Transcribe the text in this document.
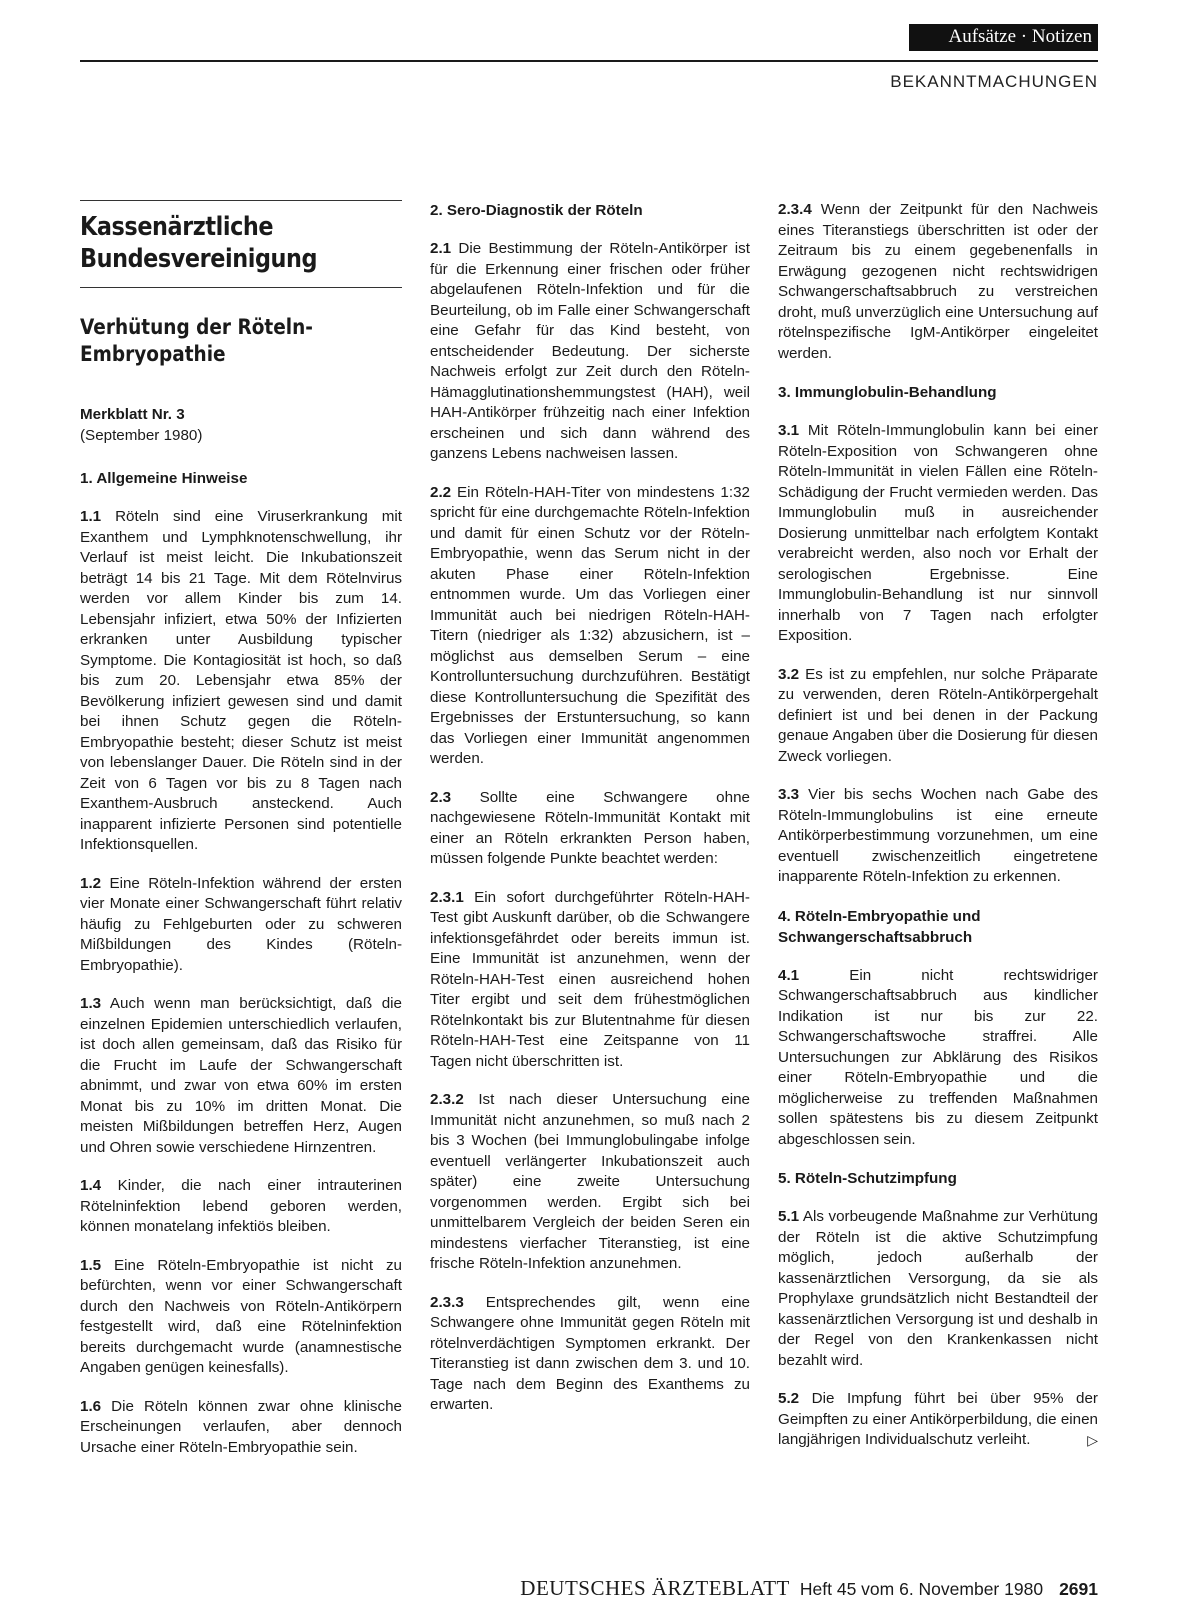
Aufsätze · Notizen
BEKANNTMACHUNGEN
Kassenärztliche Bundesvereinigung
Verhütung der Röteln-Embryopathie
Merkblatt Nr. 3
(September 1980)
1. Allgemeine Hinweise

1.1 Röteln sind eine Viruserkrankung mit Exanthem und Lymphknotenschwellung, ihr Verlauf ist meist leicht. Die Inkubationszeit beträgt 14 bis 21 Tage. Mit dem Rötelnvirus werden vor allem Kinder bis zum 14. Lebensjahr infiziert, etwa 50% der Infizierten erkranken unter Ausbildung typischer Symptome. Die Kontagiosität ist hoch, so daß bis zum 20. Lebensjahr etwa 85% der Bevölkerung infiziert gewesen sind und damit bei ihnen Schutz gegen die Röteln-Embryopathie besteht; dieser Schutz ist meist von lebenslanger Dauer. Die Röteln sind in der Zeit von 6 Tagen vor bis zu 8 Tagen nach Exanthem-Ausbruch ansteckend. Auch inapparent infizierte Personen sind potentielle Infektionsquellen.

1.2 Eine Röteln-Infektion während der ersten vier Monate einer Schwangerschaft führt relativ häufig zu Fehlgeburten oder zu schweren Mißbildungen des Kindes (Röteln-Embryopathie).

1.3 Auch wenn man berücksichtigt, daß die einzelnen Epidemien unterschiedlich verlaufen, ist doch allen gemeinsam, daß das Risiko für die Frucht im Laufe der Schwangerschaft abnimmt, und zwar von etwa 60% im ersten Monat bis zu 10% im dritten Monat. Die meisten Mißbildungen betreffen Herz, Augen und Ohren sowie verschiedene Hirnzentren.

1.4 Kinder, die nach einer intrauterinen Rötelninfektion lebend geboren werden, können monatelang infektiös bleiben.

1.5 Eine Röteln-Embryopathie ist nicht zu befürchten, wenn vor einer Schwangerschaft durch den Nachweis von Röteln-Antikörpern festgestellt wird, daß eine Rötelninfektion bereits durchgemacht wurde (anamnestische Angaben genügen keinesfalls).

1.6 Die Röteln können zwar ohne klinische Erscheinungen verlaufen, aber dennoch Ursache einer Röteln-Embryopathie sein.

2. Sero-Diagnostik der Röteln

2.1 Die Bestimmung der Röteln-Antikörper ist für die Erkennung einer frischen oder früher abgelaufenen Röteln-Infektion und für die Beurteilung, ob im Falle einer Schwangerschaft eine Gefahr für das Kind besteht, von entscheidender Bedeutung. Der sicherste Nachweis erfolgt zur Zeit durch den Röteln-Hämagglutinationshemmungstest (HAH), weil HAH-Antikörper frühzeitig nach einer Infektion erscheinen und sich dann während des ganzens Lebens nachweisen lassen.

2.2 Ein Röteln-HAH-Titer von mindestens 1:32 spricht für eine durchgemachte Röteln-Infektion und damit für einen Schutz vor der Röteln-Embryopathie, wenn das Serum nicht in der akuten Phase einer Röteln-Infektion entnommen wurde. Um das Vorliegen einer Immunität auch bei niedrigen Röteln-HAH-Titern (niedriger als 1:32) abzusichern, ist – möglichst aus demselben Serum – eine Kontrolluntersuchung durchzuführen. Bestätigt diese Kontrolluntersuchung die Spezifität des Ergebnisses der Erstuntersuchung, so kann das Vorliegen einer Immunität angenommen werden.

2.3 Sollte eine Schwangere ohne nachgewiesene Röteln-Immunität Kontakt mit einer an Röteln erkrankten Person haben, müssen folgende Punkte beachtet werden:

2.3.1 Ein sofort durchgeführter Röteln-HAH-Test gibt Auskunft darüber, ob die Schwangere infektionsgefährdet oder bereits immun ist. Eine Immunität ist anzunehmen, wenn der Röteln-HAH-Test einen ausreichend hohen Titer ergibt und seit dem frühestmöglichen Rötelnkontakt bis zur Blutentnahme für diesen Röteln-HAH-Test eine Zeitspanne von 11 Tagen nicht überschritten ist.

2.3.2 Ist nach dieser Untersuchung eine Immunität nicht anzunehmen, so muß nach 2 bis 3 Wochen (bei Immunglobulingabe infolge eventuell verlängerter Inkubationszeit auch später) eine zweite Untersuchung vorgenommen werden. Ergibt sich bei unmittelbarem Vergleich der beiden Seren ein mindestens vierfacher Titeranstieg, ist eine frische Röteln-Infektion anzunehmen.

2.3.3 Entsprechendes gilt, wenn eine Schwangere ohne Immunität gegen Röteln mit rötelnverdächtigen Symptomen erkrankt. Der Titeranstieg ist dann zwischen dem 3. und 10. Tage nach dem Beginn des Exanthems zu erwarten.

2.3.4 Wenn der Zeitpunkt für den Nachweis eines Titeranstiegs überschritten ist oder der Zeitraum bis zu einem gegebenenfalls in Erwägung gezogenen nicht rechtswidrigen Schwangerschaftsabbruch zu verstreichen droht, muß unverzüglich eine Untersuchung auf rötelnspezifische IgM-Antikörper eingeleitet werden.

3. Immunglobulin-Behandlung

3.1 Mit Röteln-Immunglobulin kann bei einer Röteln-Exposition von Schwangeren ohne Röteln-Immunität in vielen Fällen eine Röteln-Schädigung der Frucht vermieden werden. Das Immunglobulin muß in ausreichender Dosierung unmittelbar nach erfolgtem Kontakt verabreicht werden, also noch vor Erhalt der serologischen Ergebnisse. Eine Immunglobulin-Behandlung ist nur sinnvoll innerhalb von 7 Tagen nach erfolgter Exposition.

3.2 Es ist zu empfehlen, nur solche Präparate zu verwenden, deren Röteln-Antikörpergehalt definiert ist und bei denen in der Packung genaue Angaben über die Dosierung für diesen Zweck vorliegen.

3.3 Vier bis sechs Wochen nach Gabe des Röteln-Immunglobulins ist eine erneute Antikörperbestimmung vorzunehmen, um eine eventuell zwischenzeitlich eingetretene inapparente Röteln-Infektion zu erkennen.

4. Röteln-Embryopathie und Schwangerschaftsabbruch

4.1	Ein nicht rechtswidriger Schwangerschaftsabbruch aus kindlicher Indikation ist nur bis zur 22. Schwangerschaftswoche straffrei. Alle Untersuchungen zur Abklärung des Risikos einer Röteln-Embryopathie und die möglicherweise zu treffenden Maßnahmen sollen spätestens bis zu diesem Zeitpunkt abgeschlossen sein.

5. Röteln-Schutzimpfung

5.1 Als vorbeugende Maßnahme zur Verhütung der Röteln ist die aktive Schutzimpfung möglich, jedoch außerhalb der kassenärztlichen Versorgung, da sie als Prophylaxe grundsätzlich nicht Bestandteil der kassenärztlichen Versorgung ist und deshalb in der Regel von den Krankenkassen nicht bezahlt wird.

5.2 Die Impfung führt bei über 95% der Geimpften zu einer Antikörperbildung, die einen langjährigen Individualschutz verleiht.	▷

DEUTSCHES ÄRZTEBLATT Heft 45 vom 6. November 1980 2691
